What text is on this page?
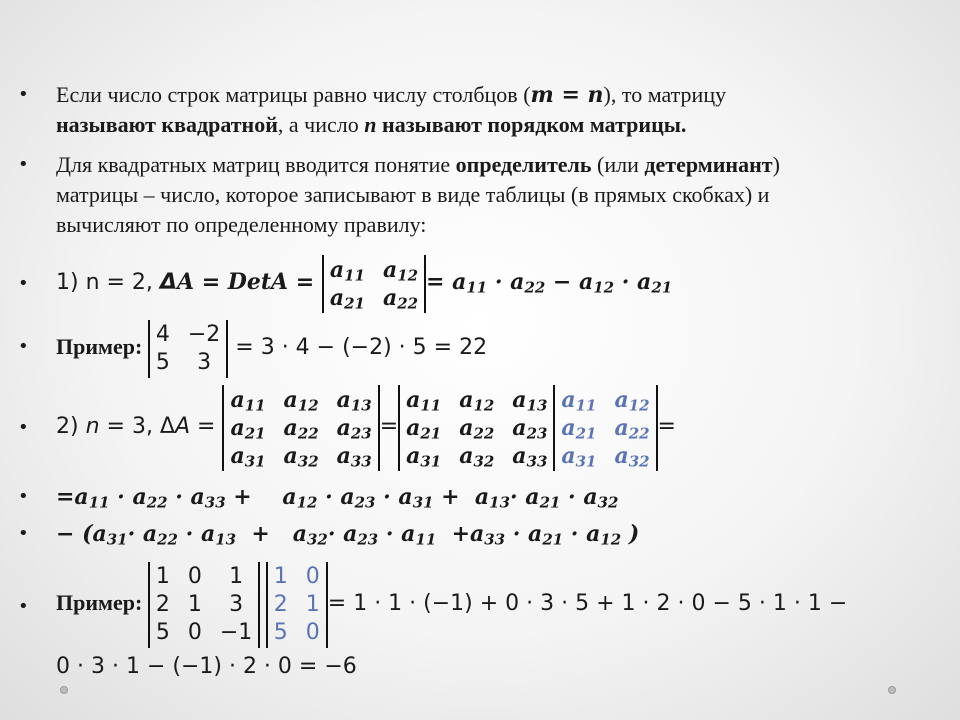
• Если число строк матрицы равно числу столбцов (m = n), то матрицу
называют квадратной, а число n называют порядком матрицы.
• Для квадратных матриц вводится понятие определитель (или детерминант)
матрицы – число, которое записывают в виде таблицы (в прямых скобках) и
вычисляют по определенному правилу:
• 1) n = 2, ΔA = DetA = $a_{11}$ $a_{12}$
$a_{21}$ $a_{22}$
= $a_{11} \cdot a_{22} - a_{12} \cdot a_{21}$
• Пример: 4 −2
5	3
= 3 · 4 − (−2) · 5 = 22
• 2) n = 3, ΔA =
$a_{11}$ $a_{12}$ $a_{13}$
$a_{21}$ $a_{22}$ $a_{23}$
$a_{31}$ $a_{32}$ $a_{33}$
=
$a_{11}$ $a_{12}$ $a_{13}$
$a_{21}$ $a_{22}$ $a_{23}$
$a_{31}$ $a_{32}$ $a_{33}$
$a_{11}$ $a_{12}$
$a_{21}$ $a_{22}$
$a_{31}$ $a_{32}$
=
• $=a_{11} \cdot a_{22} \cdot a_{33}$ +    $a_{12} \cdot a_{23} \cdot a_{31} + a_{13}\cdot a_{21} \cdot a_{32}$
• − ($a_{31}\cdot a_{22} \cdot a_{13} + a_{32}\cdot a_{23} \cdot a_{11} +a_{33} \cdot a_{21} \cdot a_{12}$ )
• Пример:
1 0	1
2 1	3
5 0 −1

1 0
2 1
5 0
= 1 · 1 · (−1) + 0 · 3 · 5 + 1 · 2 · 0 − 5 · 1 · 1 −
0 · 3 · 1 − (−1) · 2 · 0 = −6
